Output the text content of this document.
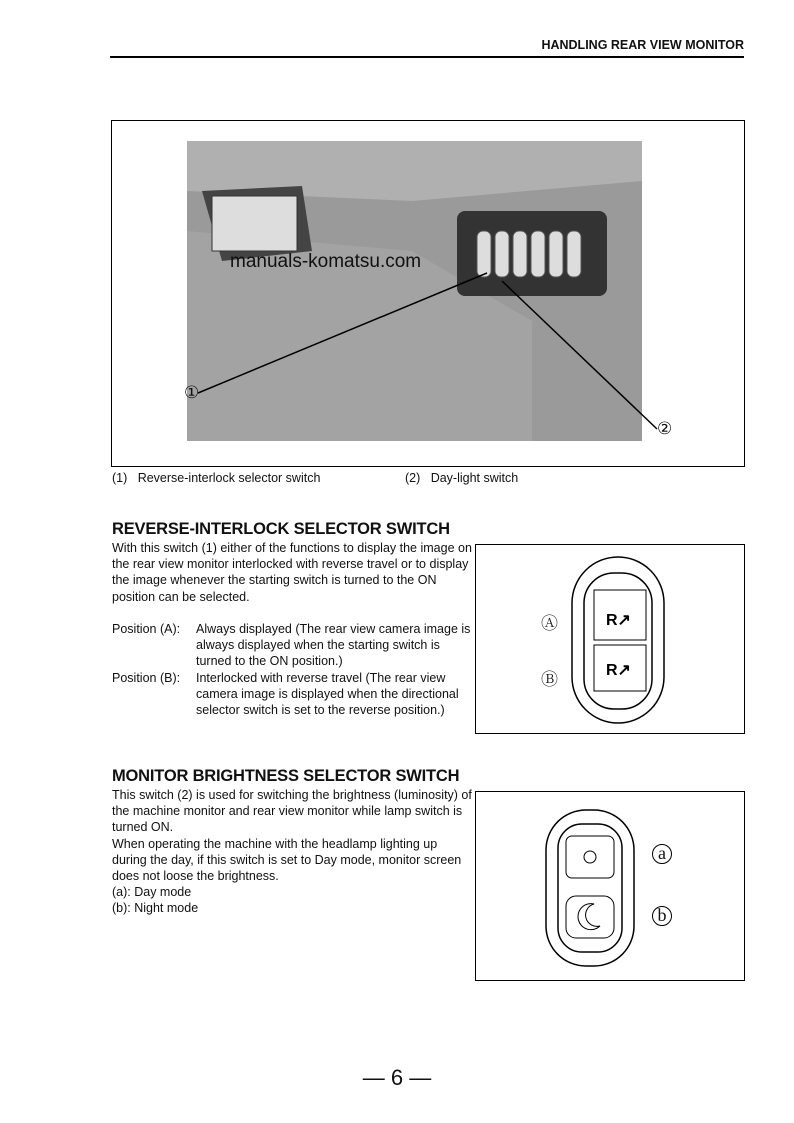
HANDLING REAR VIEW MONITOR
manuals-komatsu.com
①
②
(1) Reverse-interlock selector switch	(2) Day-light switch
REVERSE-INTERLOCK SELECTOR SWITCH

With this switch (1) either of the functions to display the image on the rear view monitor interlocked with reverse travel or to display the image whenever the starting switch is turned to the ON position can be selected.

Position (A):	Always displayed (The rear view camera image is always displayed when the starting switch is turned to the ON position.)
Position (B):	Interlocked with reverse travel (The rear view camera image is displayed when the directional selector switch is set to the reverse position.)
R↗
R↗
Ⓐ
Ⓑ
MONITOR BRIGHTNESS SELECTOR SWITCH

This switch (2) is used for switching the brightness (luminosity) of the machine monitor and rear view monitor while lamp switch is turned ON.

When operating the machine with the headlamp lighting up during the day, if this switch is set to Day mode, monitor screen does not loose the brightness.

(a): Day mode

(b): Night mode

a
b
— 6 —
